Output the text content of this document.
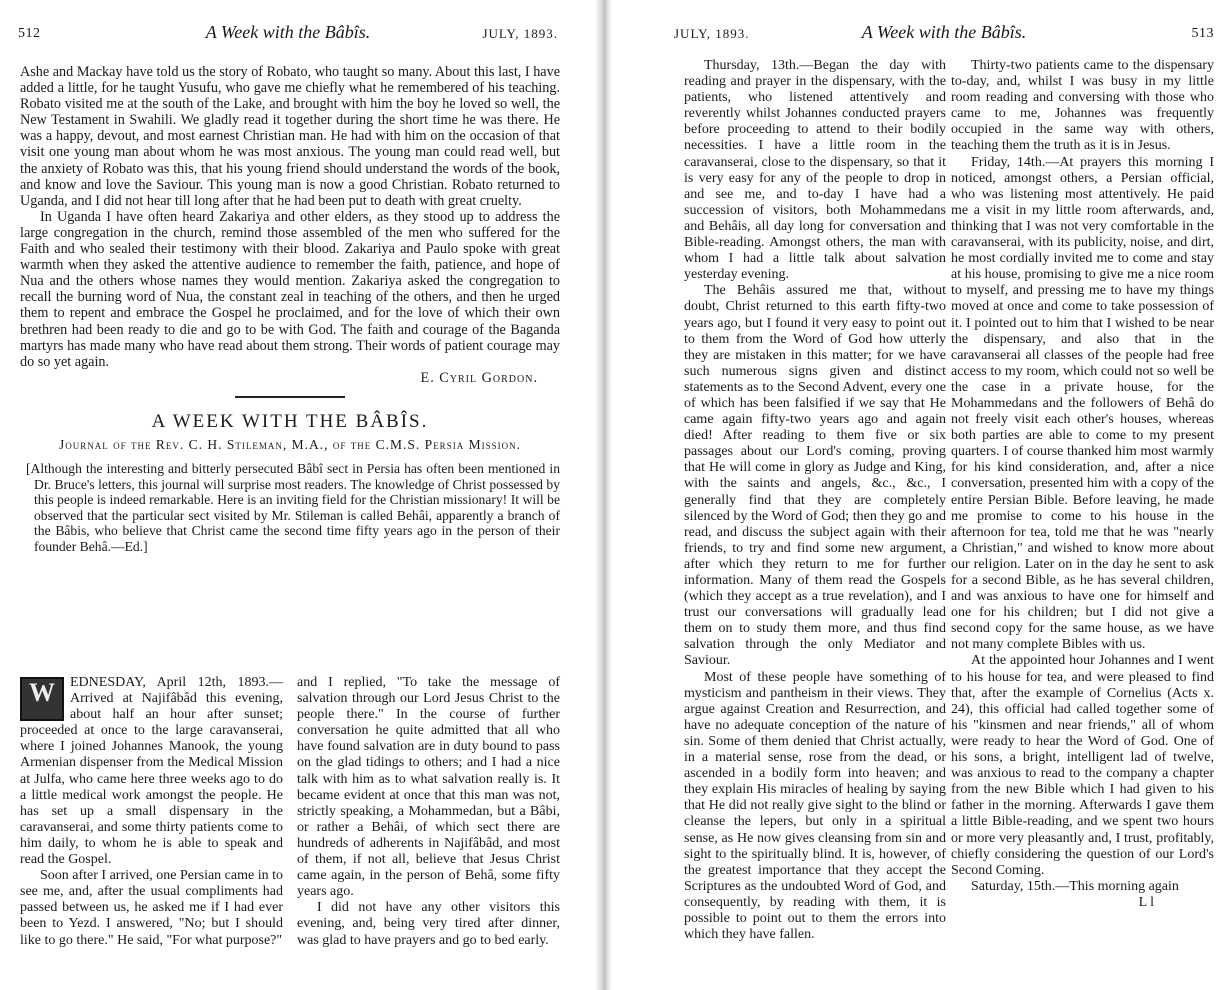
512	A Week with the Bâbîs.	JULY, 1893.

Ashe and Mackay have told us the story of Robato, who taught so many. About this last, I have added a little, for he taught Yusufu, who gave me chiefly what he remembered of his teaching. Robato visited me at the south of the Lake, and brought with him the boy he loved so well, the New Testament in Swahili. We gladly read it together during the short time he was there. He was a happy, devout, and most earnest Christian man. He had with him on the occasion of that visit one young man about whom he was most anxious. The young man could read well, but the anxiety of Robato was this, that his young friend should understand the words of the book, and know and love the Saviour. This young man is now a good Christian. Robato returned to Uganda, and I did not hear till long after that he had been put to death with great cruelty.

In Uganda I have often heard Zakariya and other elders, as they stood up to address the large congregation in the church, remind those assembled of the men who suffered for the Faith and who sealed their testimony with their blood. Zakariya and Paulo spoke with great warmth when they asked the attentive audience to remember the faith, patience, and hope of Nua and the others whose names they would mention. Zakariya asked the congregation to recall the burning word of Nua, the constant zeal in teaching of the others, and then he urged them to repent and embrace the Gospel he proclaimed, and for the love of which their own brethren had been ready to die and go to be with God. The faith and courage of the Baganda martyrs has made many who have read about them strong. Their words of patient courage may do so yet again.

E. Cyril Gordon.

A WEEK WITH THE BÂBÎS.
Journal of the Rev. C. H. Stileman, M.A., of the C.M.S. Persia Mission.

[Although the interesting and bitterly persecuted Bâbî sect in Persia has often been mentioned in Dr. Bruce's letters, this journal will surprise most readers. The knowledge of Christ possessed by this people is indeed remarkable. Here is an inviting field for the Christian missionary! It will be observed that the particular sect visited by Mr. Stileman is called Behâi, apparently a branch of the Bâbis, who believe that Christ came the second time fifty years ago in the person of their founder Behâ.—Ed.]

W	EDNESDAY, April 12th, 1893.—Arrived at Najifâbâd this evening, about half an hour after sunset; proceeded at once to the large caravanserai, where I joined Johannes Manook, the young Armenian dispenser from the Medical Mission at Julfa, who came here three weeks ago to do a little medical work amongst the people. He has set up a small dispensary in the caravanserai, and some thirty patients come to him daily, to whom he is able to speak and read the Gospel.

Soon after I arrived, one Persian came in to see me, and, after the usual compliments had passed between us, he asked me if I had ever been to Yezd. I answered, "No; but I should like to go there." He said, "For what purpose?"

and I replied, "To take the message of salvation through our Lord Jesus Christ to the people there." In the course of further conversation he quite admitted that all who have found salvation are in duty bound to pass on the glad tidings to others; and I had a nice talk with him as to what salvation really is. It became evident at once that this man was not, strictly speaking, a Mohammedan, but a Bâbi, or rather a Behâi, of which sect there are hundreds of adherents in Najifâbâd, and most of them, if not all, believe that Jesus Christ came again, in the person of Behâ, some fifty years ago.

I did not have any other visitors this evening, and, being very tired after dinner, was glad to have prayers and go to bed early.

JULY, 1893.	A Week with the Bâbîs.	513

Thursday, 13th.—Began the day with reading and prayer in the dispensary, with the patients, who listened attentively and reverently whilst Johannes conducted prayers before proceeding to attend to their bodily necessities. I have a little room in the caravanserai, close to the dispensary, so that it is very easy for any of the people to drop in and see me, and to-day I have had a succession of visitors, both Mohammedans and Behâis, all day long for conversation and Bible-reading. Amongst others, the man with whom I had a little talk about salvation yesterday evening.

The Behâis assured me that, without doubt, Christ returned to this earth fifty-two years ago, but I found it very easy to point out to them from the Word of God how utterly they are mistaken in this matter; for we have such numerous signs given and distinct statements as to the Second Advent, every one of which has been falsified if we say that He came again fifty-two years ago and again died! After reading to them five or six passages about our Lord's coming, proving that He will come in glory as Judge and King, with the saints and angels, &c., &c., I generally find that they are completely silenced by the Word of God; then they go and read, and discuss the subject again with their friends, to try and find some new argument, after which they return to me for further information. Many of them read the Gospels (which they accept as a true revelation), and I trust our conversations will gradually lead them on to study them more, and thus find salvation through the only Mediator and Saviour.

Most of these people have something of mysticism and pantheism in their views. They argue against Creation and Resurrection, and have no adequate conception of the nature of sin. Some of them denied that Christ actually, in a material sense, rose from the dead, or ascended in a bodily form into heaven; and they explain His miracles of healing by saying that He did not really give sight to the blind or cleanse the lepers, but only in a spiritual sense, as He now gives cleansing from sin and sight to the spiritually blind. It is, however, of the greatest importance that they accept the Scriptures as the undoubted Word of God, and consequently, by reading with them, it is possible to point out to them the errors into which they have fallen.

Thirty-two patients came to the dispensary to-day, and, whilst I was busy in my little room reading and conversing with those who came to me, Johannes was frequently occupied in the same way with others, teaching them the truth as it is in Jesus.

Friday, 14th.—At prayers this morning I noticed, amongst others, a Persian official, who was listening most attentively. He paid me a visit in my little room afterwards, and, thinking that I was not very comfortable in the caravanserai, with its publicity, noise, and dirt, he most cordially invited me to come and stay at his house, promising to give me a nice room to myself, and pressing me to have my things moved at once and come to take possession of it. I pointed out to him that I wished to be near the dispensary, and also that in the caravanserai all classes of the people had free access to my room, which could not so well be the case in a private house, for the Mohammedans and the followers of Behâ do not freely visit each other's houses, whereas both parties are able to come to my present quarters. I of course thanked him most warmly for his kind consideration, and, after a nice conversation, presented him with a copy of the entire Persian Bible. Before leaving, he made me promise to come to his house in the afternoon for tea, told me that he was "nearly a Christian," and wished to know more about our religion. Later on in the day he sent to ask for a second Bible, as he has several children, and was anxious to have one for himself and one for his children; but I did not give a second copy for the same house, as we have not many complete Bibles with us.

At the appointed hour Johannes and I went to his house for tea, and were pleased to find that, after the example of Cornelius (Acts x. 24), this official had called together some of his "kinsmen and near friends," all of whom were ready to hear the Word of God. One of his sons, a bright, intelligent lad of twelve, was anxious to read to the company a chapter from the new Bible which I had given to his father in the morning. Afterwards I gave them a little Bible-reading, and we spent two hours or more very pleasantly and, I trust, profitably, chiefly considering the question of our Lord's Second Coming.

Saturday, 15th.—This morning again

L l
